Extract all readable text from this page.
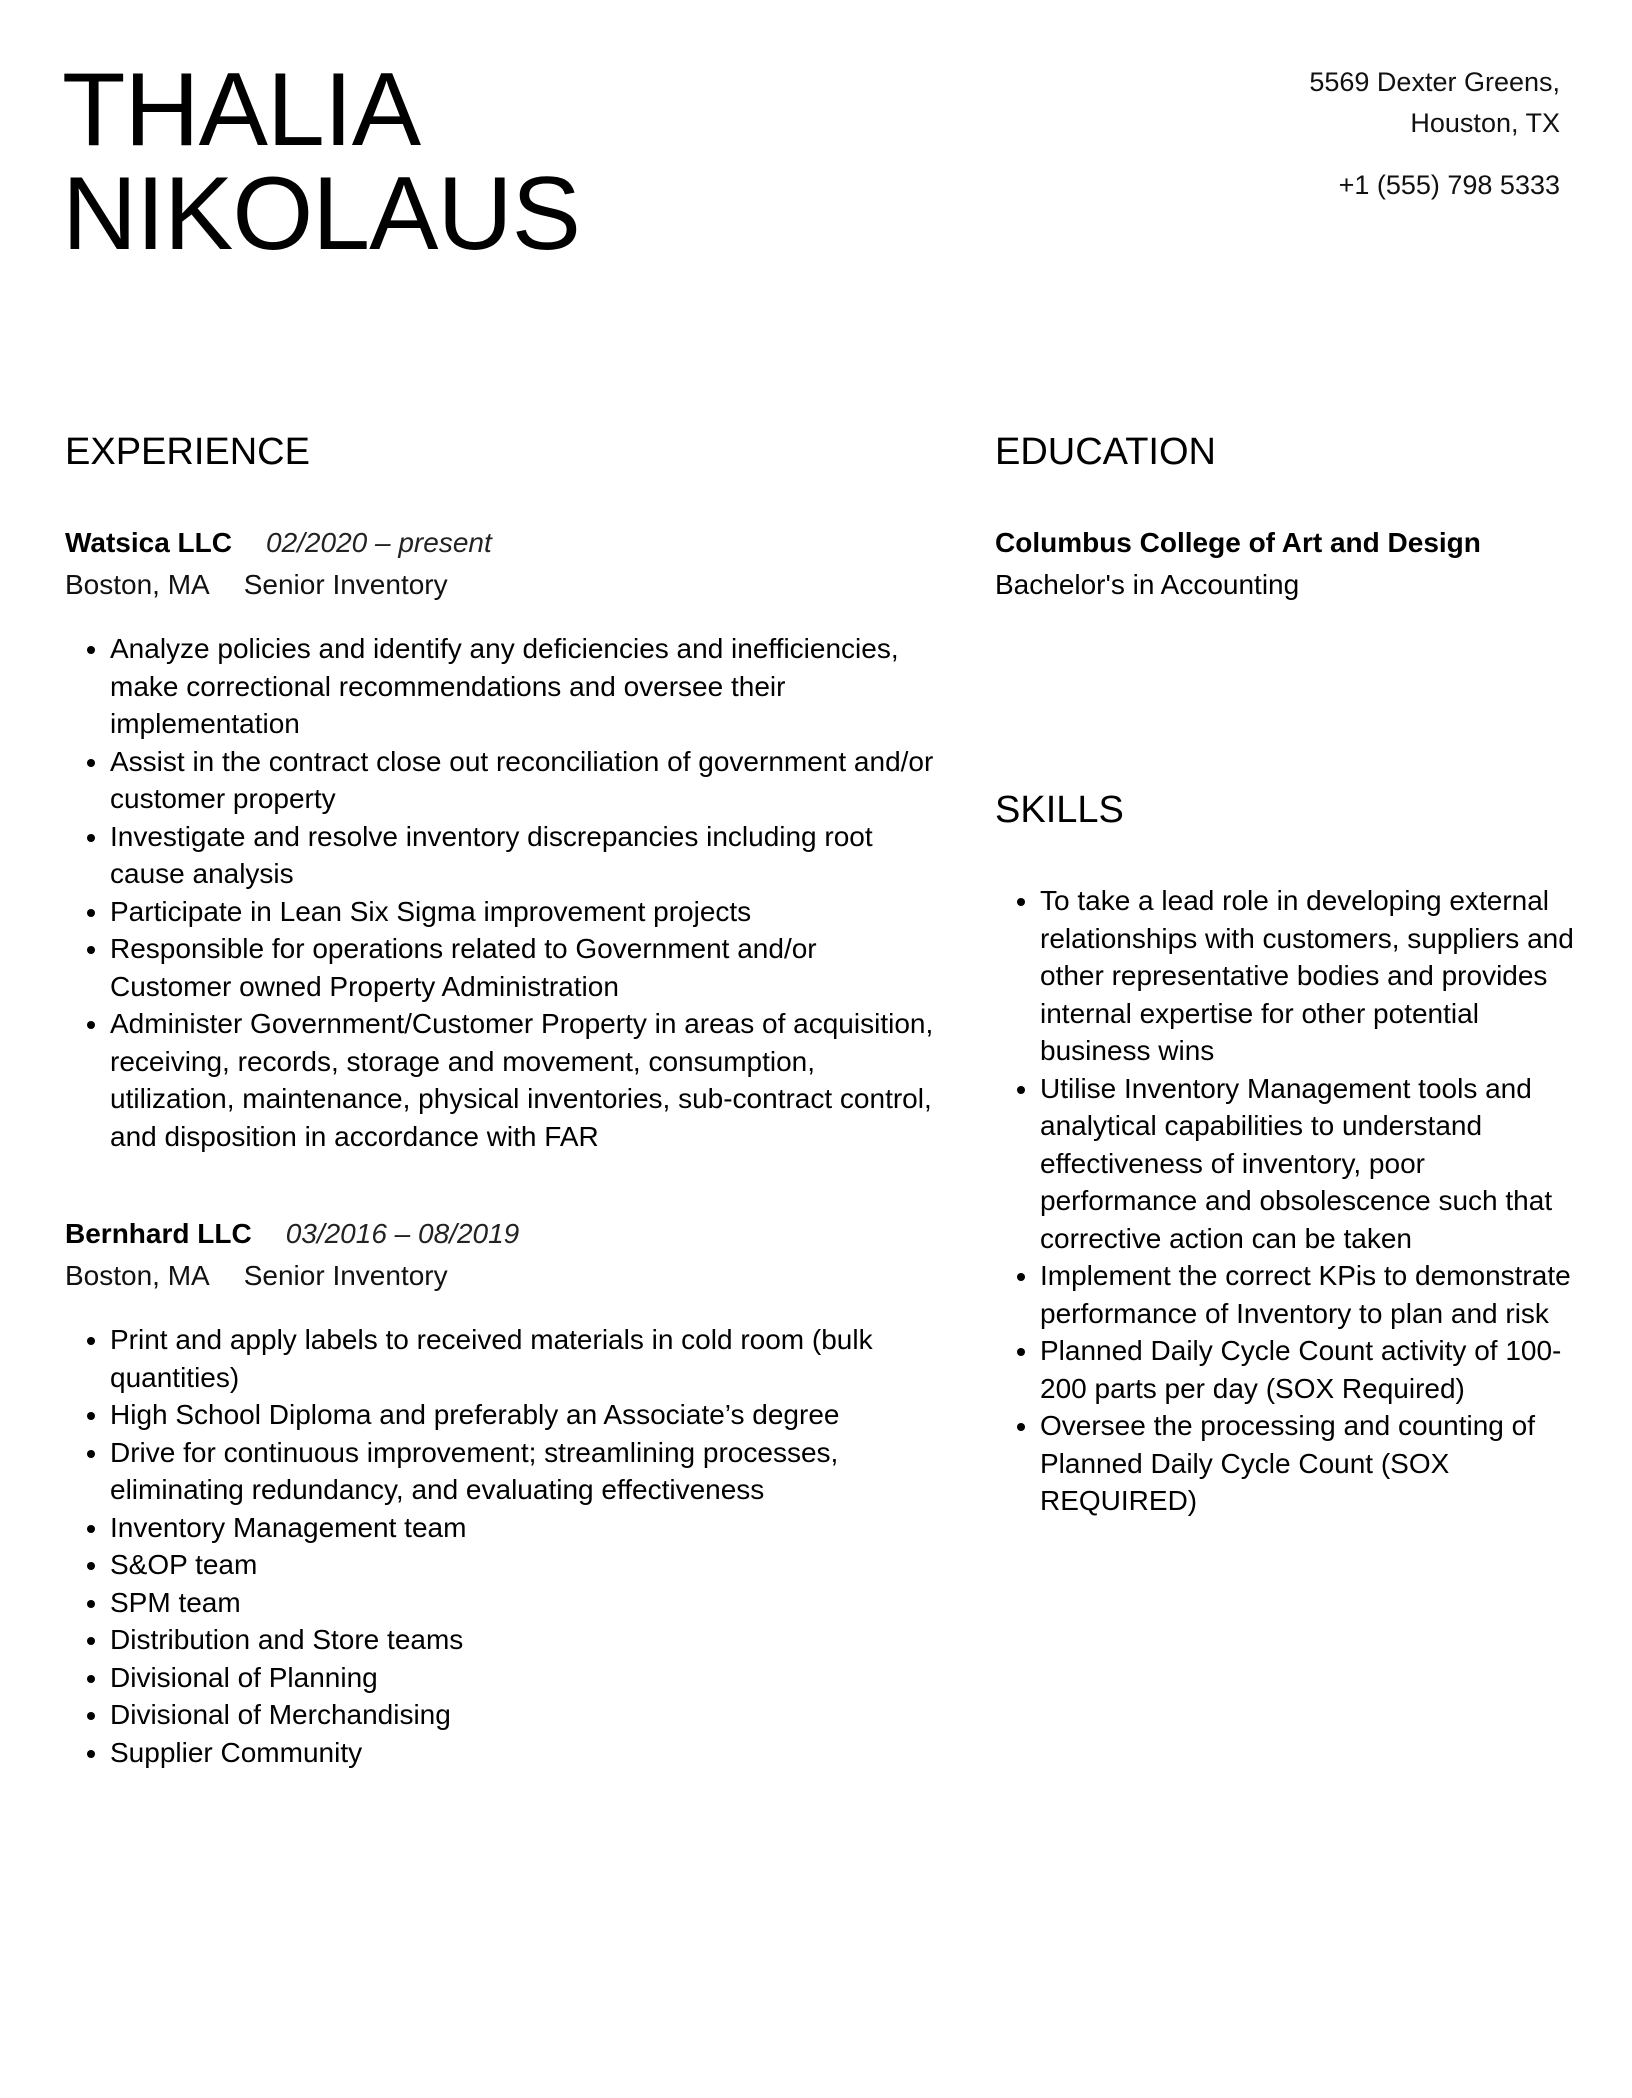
THALIA
NIKOLAUS
5569 Dexter Greens,
Houston, TX
+1 (555) 798 5333
EXPERIENCE
Watsica LLC 02/2020 – present
Boston, MA Senior Inventory
• Analyze policies and identify any deficiencies and inefficiencies, make correctional recommendations and oversee their implementation
• Assist in the contract close out reconciliation of government and/or customer property
• Investigate and resolve inventory discrepancies including root cause analysis
• Participate in Lean Six Sigma improvement projects
• Responsible for operations related to Government and/or Customer owned Property Administration
• Administer Government/Customer Property in areas of acquisition, receiving, records, storage and movement, consumption, utilization, maintenance, physical inventories, sub-contract control, and disposition in accordance with FAR
Bernhard LLC 03/2016 – 08/2019
Boston, MA Senior Inventory
• Print and apply labels to received materials in cold room (bulk quantities)
• High School Diploma and preferably an Associate’s degree
• Drive for continuous improvement; streamlining processes, eliminating redundancy, and evaluating effectiveness
• Inventory Management team
• S&OP team
• SPM team
• Distribution and Store teams
• Divisional of Planning
• Divisional of Merchandising
• Supplier Community
EDUCATION
Columbus College of Art and Design
Bachelor's in Accounting
SKILLS
• To take a lead role in developing external relationships with customers, suppliers and other representative bodies and provides internal expertise for other potential business wins
• Utilise Inventory Management tools and analytical capabilities to understand effectiveness of inventory, poor performance and obsolescence such that corrective action can be taken
• Implement the correct KPis to demonstrate performance of Inventory to plan and risk
• Planned Daily Cycle Count activity of 100-200 parts per day (SOX Required)
• Oversee the processing and counting of Planned Daily Cycle Count (SOX REQUIRED)
